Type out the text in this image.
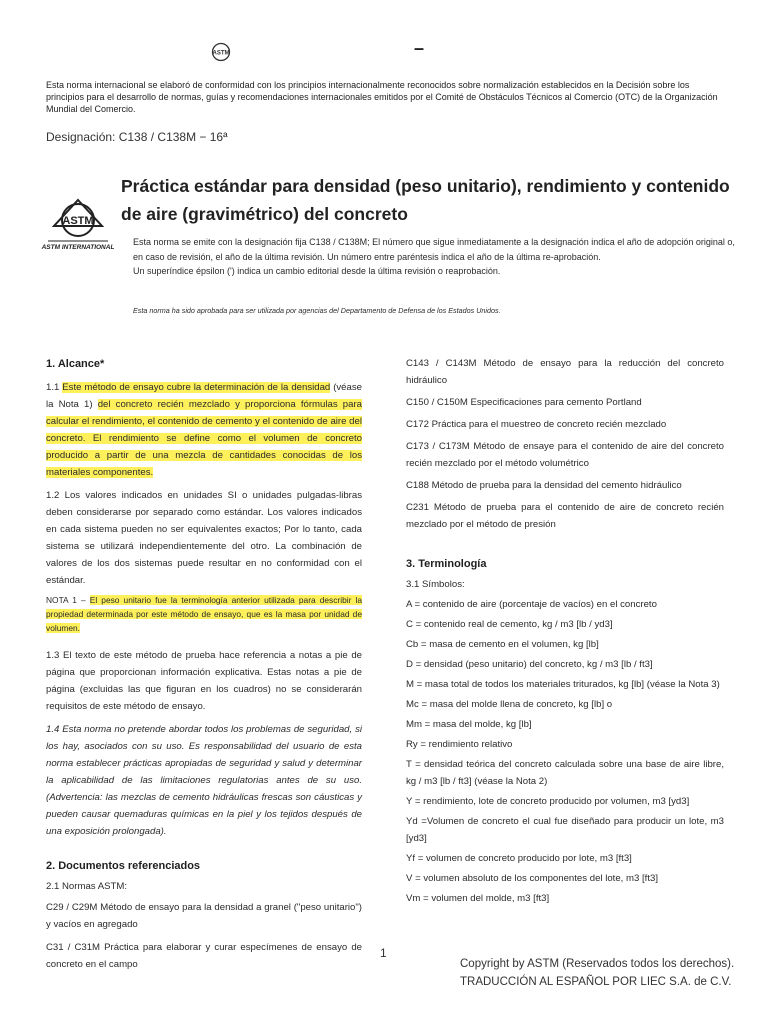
ASTM	–
Esta norma internacional se elaboró de conformidad con los principios internacionalmente reconocidos sobre normalización establecidos en la Decisión sobre los principios para el desarrollo de normas, guías y recomendaciones internacionales emitidos por el Comité de Obstáculos Técnicos al Comercio (OTC) de la Organización Mundial del Comercio.
Designación: C138 / C138M − 16ª
Práctica estándar para densidad (peso unitario), rendimiento y contenido
de aire (gravimétrico) del concreto
ASTM
ASTM INTERNATIONAL

Esta norma se emite con la designación fija C138 / C138M; El número que sigue inmediatamente a la designación indica el año de adopción original o, en caso de revisión, el año de la última revisión. Un número entre paréntesis indica el año de la última re-aprobación.

Un superíndice épsilon (') indica un cambio editorial desde la última revisión o reaprobación.

Esta norma ha sido aprobada para ser utilizada por agencias del Departamento de Defensa de los Estados Unidos.
1. Alcance*

1.1 Este método de ensayo cubre la determinación de la densidad (véase la Nota 1) del concreto recién mezclado y proporciona fórmulas para calcular el rendimiento, el contenido de cemento y el contenido de aire del concreto. El rendimiento se define como el volumen de concreto producido a partir de una mezcla de cantidades conocidas de los materiales componentes.

1.2 Los valores indicados en unidades SI o unidades pulgadas-libras deben considerarse por separado como estándar. Los valores indicados en cada sistema pueden no ser equivalentes exactos; Por lo tanto, cada sistema se utilizará independientemente del otro. La combinación de valores de los dos sistemas puede resultar en no conformidad con el estándar.

NOTA 1 – El peso unitario fue la terminología anterior utilizada para describir la propiedad determinada por este método de ensayo, que es la masa por unidad de volumen.

1.3 El texto de este método de prueba hace referencia a notas a pie de página que proporcionan información explicativa. Estas notas a pie de página (excluidas las que figuran en los cuadros) no se considerarán requisitos de este método de ensayo.

1.4 Esta norma no pretende abordar todos los problemas de seguridad, si los hay, asociados con su uso. Es responsabilidad del usuario de esta norma establecer prácticas apropiadas de seguridad y salud y determinar la aplicabilidad de las limitaciones regulatorias antes de su uso. (Advertencia: las mezclas de cemento hidráulicas frescas son cáusticas y pueden causar quemaduras químicas en la piel y los tejidos después de una exposición prolongada).

2. Documentos referenciados

2.1 Normas ASTM:

C29 / C29M Método de ensayo para la densidad a granel ("peso unitario") y vacíos en agregado

C31 / C31M Práctica para elaborar y curar especímenes de ensayo de concreto en el campo

C143 / C143M Método de ensayo para la reducción del concreto hidráulico

C150 / C150M Especificaciones para cemento Portland

C172 Práctica para el muestreo de concreto recién mezclado

C173 / C173M Método de ensaye para el contenido de aire del concreto recién mezclado por el método volumétrico

C188 Método de prueba para la densidad del cemento hidráulico

C231 Método de prueba para el contenido de aire de concreto recién mezclado por el método de presión

3. Terminología

3.1 Símbolos:

A = contenido de aire (porcentaje de vacíos) en el concreto

C = contenido real de cemento, kg / m3 [lb / yd3]

Cb = masa de cemento en el volumen, kg [lb]

D = densidad (peso unitario) del concreto, kg / m3 [lb / ft3]

M = masa total de todos los materiales triturados, kg [lb] (véase la Nota 3)

Mc = masa del molde llena de concreto, kg [lb] o

Mm = masa del molde, kg [lb]

Ry = rendimiento relativo

T = densidad teórica del concreto calculada sobre una base de aire libre, kg / m3 [lb / ft3] (véase la Nota 2)

Y = rendimiento, lote de concreto producido por volumen, m3 [yd3]

Yd =Volumen de concreto el cual fue diseñado para producir un lote, m3 [yd3]

Yf = volumen de concreto producido por lote, m3 [ft3]

V = volumen absoluto de los componentes del lote, m3 [ft3]

Vm = volumen del molde, m3 [ft3]

1
Copyright by ASTM (Reservados todos los derechos).
TRADUCCIÓN AL ESPAÑOL POR LIEC S.A. de C.V.
